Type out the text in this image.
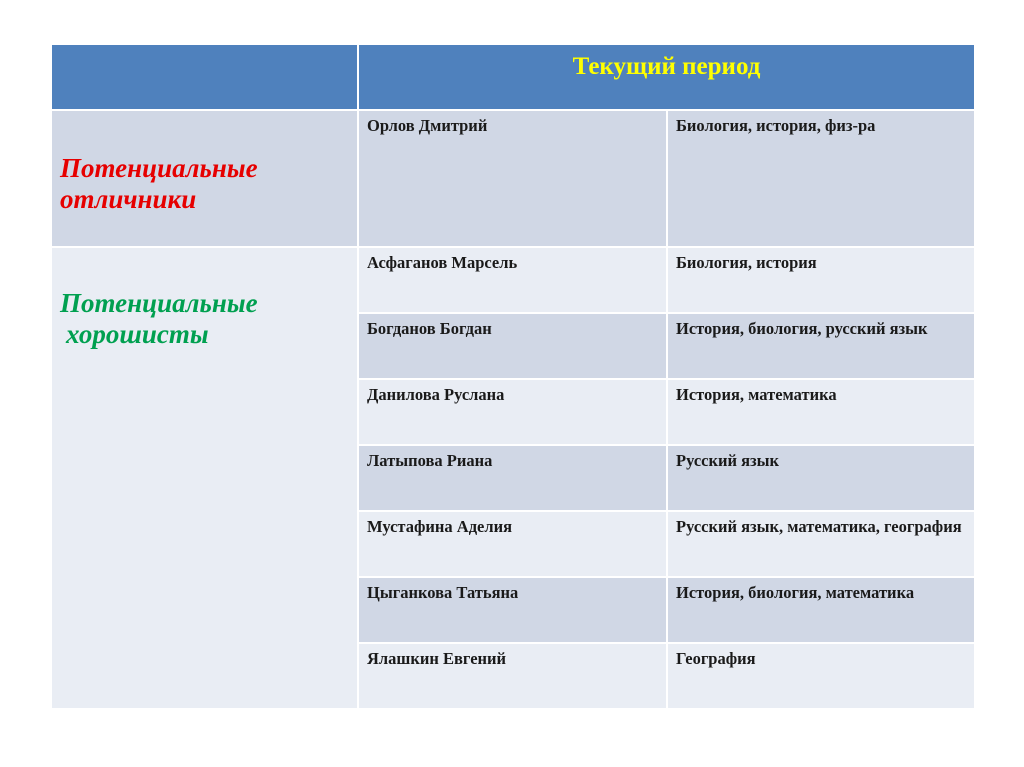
	Текущий период	

Потенциальные
отличники	Орлов Дмитрий	Биология, история, физ-ра

Потенциальные
хорошисты	Асфаганов Марсель	Биология, история
	Богданов Богдан	История, биология, русский язык
	Данилова Руслана	История, математика
	Латыпова Риана	Русский язык
	Мустафина Аделия	Русский язык, математика, география
	Цыганкова Татьяна	История, биология, математика
	Ялашкин Евгений	География
